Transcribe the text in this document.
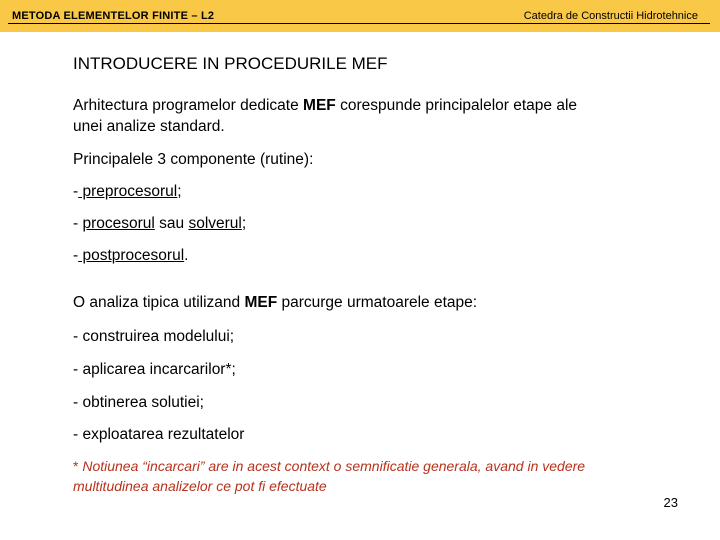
METODA ELEMENTELOR FINITE – L2	Catedra de Constructii Hidrotehnice
INTRODUCERE IN PROCEDURILE MEF

Arhitectura programelor dedicate MEF corespunde principalelor etape ale

unei analize standard.

Principalele 3 componente (rutine):

- preprocesorul;

- procesorul sau solverul;

- postprocesorul.

O analiza tipica utilizand MEF parcurge urmatoarele etape:

- construirea modelului;

- aplicarea incarcarilor*;

- obtinerea solutiei;

- exploatarea rezultatelor

* Notiunea “incarcari” are in acest context o semnificatie generala, avand in vedere
multitudinea analizelor ce pot fi efectuate
23
